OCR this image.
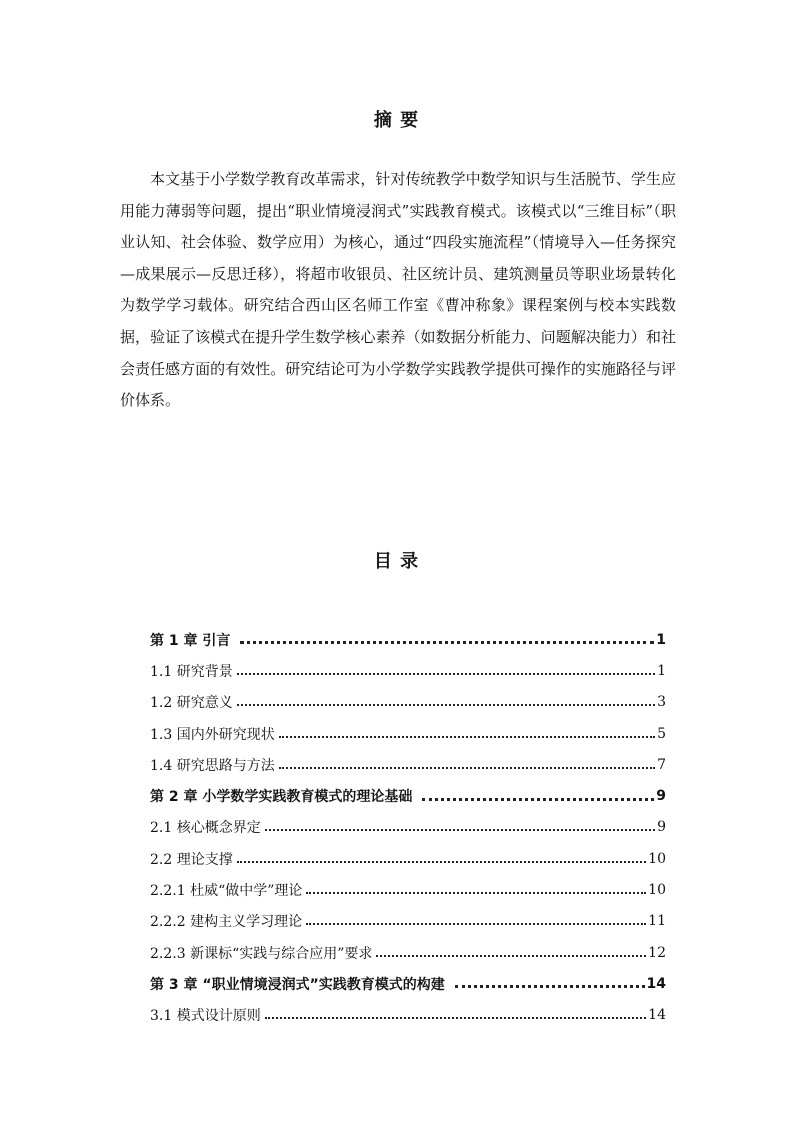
摘 要

本文基于小学数学教育改革需求，针对传统教学中数学知识与生活脱节、学生应用能力薄弱等问题，提出“职业情境浸润式”实践教育模式。该模式以“三维目标”（职业认知、社会体验、数学应用）为核心，通过“四段实施流程”（情境导入—任务探究—成果展示—反思迁移），将超市收银员、社区统计员、建筑测量员等职业场景转化为数学学习载体。研究结合西山区名师工作室《曹冲称象》课程案例与校本实践数据，验证了该模式在提升学生数学核心素养（如数据分析能力、问题解决能力）和社会责任感方面的有效性。研究结论可为小学数学实践教学提供可操作的实施路径与评价体系。

目 录
第 1 章 引言	1
1.1 研究背景	1
1.2 研究意义	3
1.3 国内外研究现状	5
1.4 研究思路与方法	7
第 2 章 小学数学实践教育模式的理论基础	9
2.1 核心概念界定	9
2.2 理论支撑	10
2.2.1 杜威“做中学”理论	10
2.2.2 建构主义学习理论	11
2.2.3 新课标“实践与综合应用”要求	12
第 3 章 “职业情境浸润式”实践教育模式的构建	14
3.1 模式设计原则	14
